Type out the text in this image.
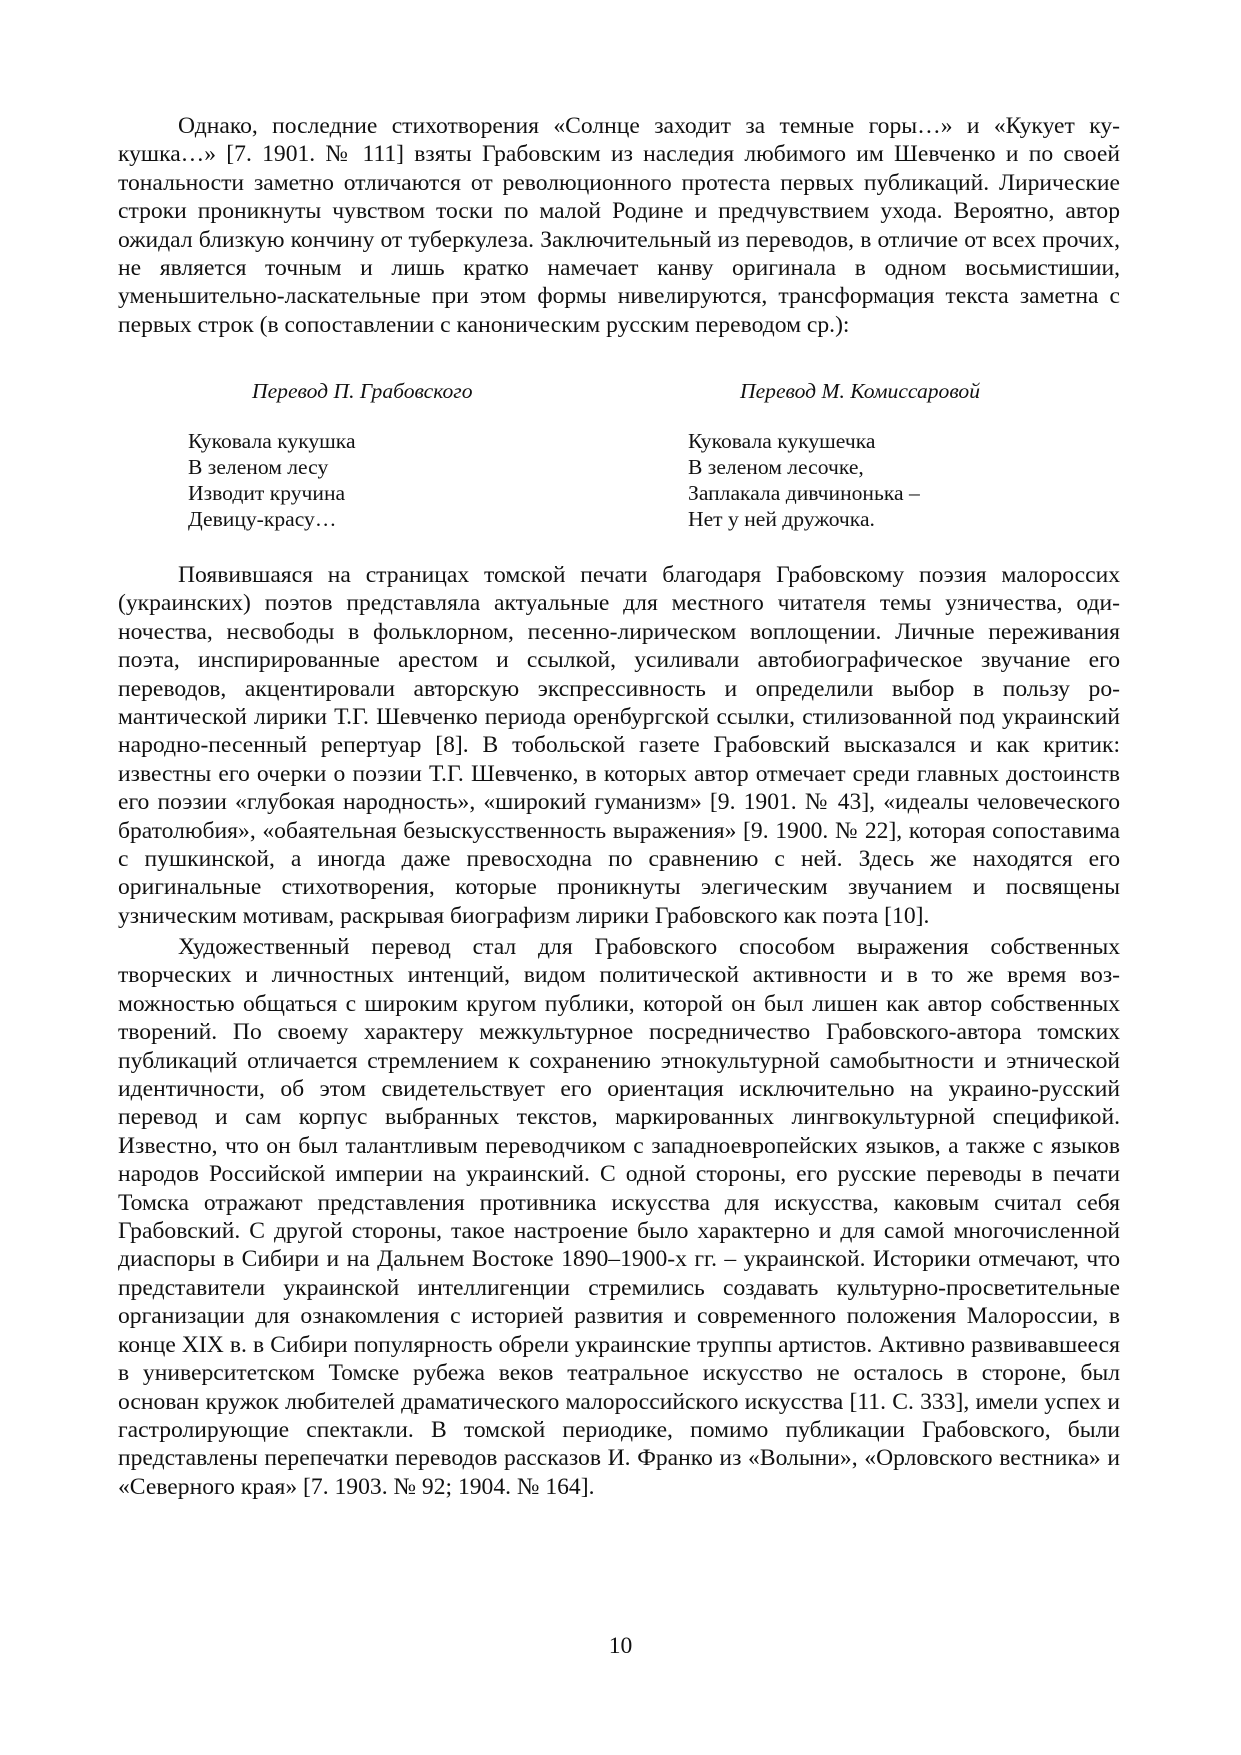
Однако, последние стихотворения «Солнце заходит за темные горы…» и «Кукует кукушка…» [7. 1901. № 111] взяты Грабовским из наследия любимого им Шевченко и по своей тональности заметно отличаются от революционного протеста первых публикаций. Лирические строки проникнуты чувством тоски по малой Родине и предчувствием ухода. Вероятно, автор ожидал близкую кончину от туберкулеза. Заключительный из переводов, в отличие от всех прочих, не является точным и лишь кратко намечает канву оригинала в одном восьмистишии, уменьшительно-ласкательные при этом формы нивелируются, трансформация текста заметна с первых строк (в сопоставлении с каноническим русским переводом ср.):

Перевод П. Грабовского	Перевод М. Комиссаровой

Куковала кукушка
В зеленом лесу
Изводит кручина
Девицу-красу…
Куковала кукушечка
В зеленом лесочке,
Заплакала дивчинонька –
Нет у ней дружочка.

Появившаяся на страницах томской печати благодаря Грабовскому поэзия малороссих (украинских) поэтов представляла актуальные для местного читателя темы узничества, одиночества, несвободы в фольклорном, песенно-лирическом воплощении. Личные переживания поэта, инспирированные арестом и ссылкой, усиливали автобиографическое звучание его переводов, акцентировали авторскую экспрессивность и определили выбор в пользу романтической лирики Т.Г. Шевченко периода оренбургской ссылки, стилизованной под украинский народно-песенный репертуар [8]. В тобольской газете Грабовский высказался и как критик: известны его очерки о поэзии Т.Г. Шевченко, в которых автор отмечает среди главных достоинств его поэзии «глубокая народность», «широкий гуманизм» [9. 1901. № 43], «идеалы человеческого братолюбия», «обаятельная безыскусственность выражения» [9. 1900. № 22], которая сопоставима с пушкинской, а иногда даже превосходна по сравнению с ней. Здесь же находятся его оригинальные стихотворения, которые проникнуты элегическим звучанием и посвящены узническим мотивам, раскрывая биографизм лирики Грабовского как поэта [10].

Художественный перевод стал для Грабовского способом выражения собственных творческих и личностных интенций, видом политической активности и в то же время возможностью общаться с широким кругом публики, которой он был лишен как автор собственных творений. По своему характеру межкультурное посредничество Грабовского-автора томских публикаций отличается стремлением к сохранению этнокультурной самобытности и этнической идентичности, об этом свидетельствует его ориентация исключительно на украино-русский перевод и сам корпус выбранных текстов, маркированных лингвокультурной спецификой. Известно, что он был талантливым переводчиком с западноевропейских языков, а также с языков народов Российской империи на украинский. С одной стороны, его русские переводы в печати Томска отражают представления противника искусства для искусства, каковым считал себя Грабовский. С другой стороны, такое настроение было характерно и для самой многочисленной диаспоры в Сибири и на Дальнем Востоке 1890–1900-х гг. – украинской. Историки отмечают, что представители украинской интеллигенции стремились создавать культурно-просветительные организации для ознакомления с историей развития и современного положения Малороссии, в конце XIX в. в Сибири популярность обрели украинские труппы артистов. Активно развивавшееся в университетском Томске рубежа веков театральное искусство не осталось в стороне, был основан кружок любителей драматического малороссийского искусства [11. С. 333], имели успех и гастролирующие спектакли. В томской периодике, помимо публикации Грабовского, были представлены перепечатки переводов рассказов И. Франко из «Волыни», «Орловского вестника» и «Северного края» [7. 1903. № 92; 1904. № 164].

10
